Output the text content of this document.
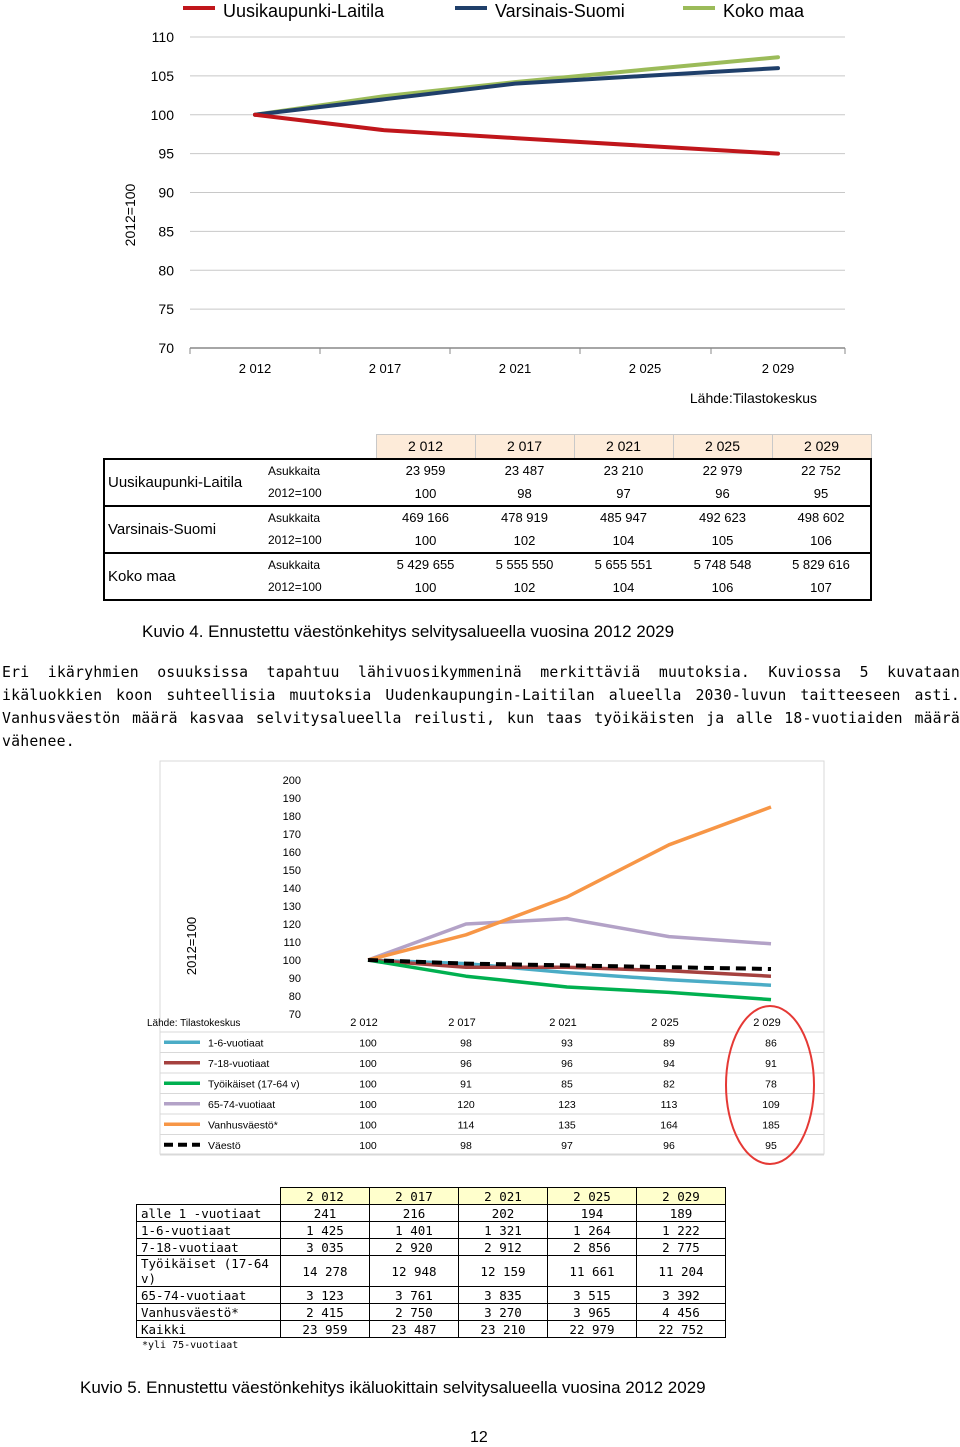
Uusikaupunki-Laitila	Varsinais-Suomi	Koko maa
70
75
80
85
90
95
100
105
110
2 012	2 017	2 021	2 025	2 029
2012=100
Lähde:Tilastokeskus
		2 012	2 017	2 021	2 025	2 029
Uusikaupunki-Laitila	Asukkaita	23 959	23 487	23 210	22 979	22 752
	2012=100	100	98	97	96	95
Varsinais-Suomi	Asukkaita	469 166	478 919	485 947	492 623	498 602
	2012=100	100	102	104	105	106
Koko maa	Asukkaita	5 429 655	5 555 550	5 655 551	5 748 548	5 829 616
	2012=100	100	102	104	106	107
Kuvio 4. Ennustettu väestönkehitys selvitysalueella vuosina 2012 2029
Eri ikäryhmien osuuksissa tapahtuu lähivuosikymmeninä merkittäviä muutoksia. Kuviossa 5 kuvataan ikäluokkien koon suhteellisia muutoksia Uudenkaupungin-Laitilan alueella 2030-luvun taitteeseen asti. Vanhusväestön määrä kasvaa selvitysalueella reilusti, kun taas työikäisten ja alle 18-vuotiaiden määrä vähenee.
70
80
90
100
110
120
130
140
150
160
170
180
190
200
2 012	2 017	2 021	2 025	2 029
1-6-vuotiaat	100	98	93	89	86
7-18-vuotiaat	100	96	96	94	91
Työikäiset (17-64 v)	100	91	85	82	78
65-74-vuotiaat	100	120	123	113	109
Vanhusväestö*	100	114	135	164	185
Väestö	100	98	97	96	95
2012=100
Lähde: Tilastokeskus
	2 012	2 017	2 021	2 025	2 029
alle 1 -vuotiaat	241	216	202	194	189
1-6-vuotiaat	1 425	1 401	1 321	1 264	1 222
7-18-vuotiaat	3 035	2 920	2 912	2 856	2 775
Työikäiset (17-64 v)	14 278	12 948	12 159	11 661	11 204
65-74-vuotiaat	3 123	3 761	3 835	3 515	3 392
Vanhusväestö*	2 415	2 750	3 270	3 965	4 456
Kaikki	23 959	23 487	23 210	22 979	22 752
*yli 75-vuotiaat
Kuvio 5. Ennustettu väestönkehitys ikäluokittain selvitysalueella vuosina 2012 2029
12
